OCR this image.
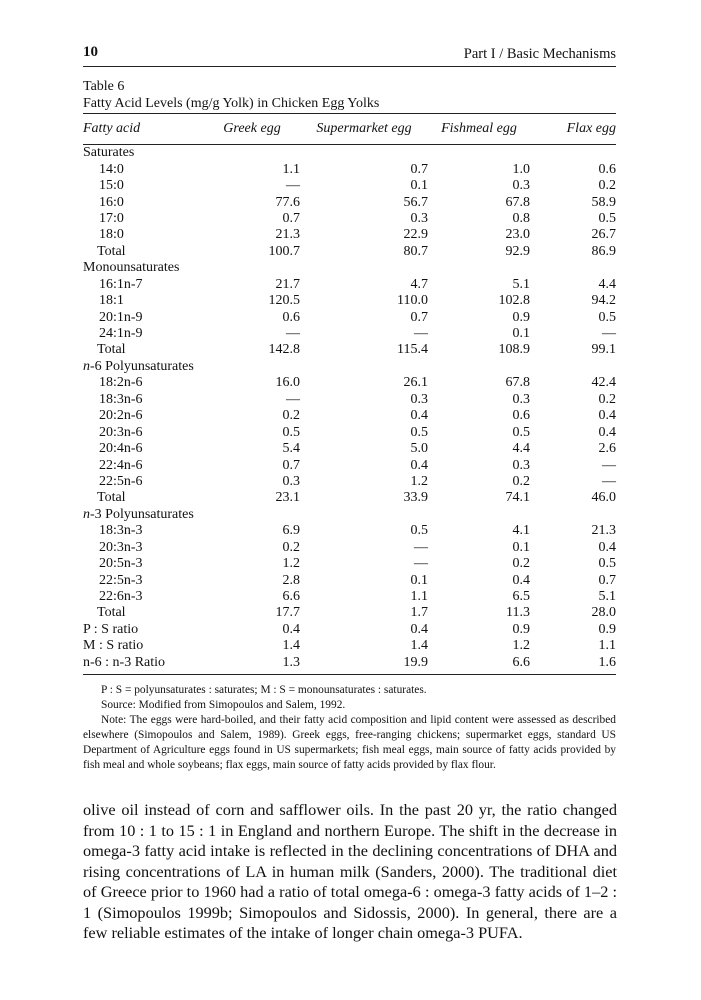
10	Part I / Basic Mechanisms
Table 6
Fatty Acid Levels (mg/g Yolk) in Chicken Egg Yolks
Fatty acid	Greek egg	Supermarket egg	Fishmeal egg	Flax egg
Saturates				
14:0	1.1	0.7	1.0	0.6
15:0	—	0.1	0.3	0.2
16:0	77.6	56.7	67.8	58.9
17:0	0.7	0.3	0.8	0.5
18:0	21.3	22.9	23.0	26.7
Total	100.7	80.7	92.9	86.9
Monounsaturates				
16:1n-7	21.7	4.7	5.1	4.4
18:1	120.5	110.0	102.8	94.2
20:1n-9	0.6	0.7	0.9	0.5
24:1n-9	—	—	0.1	—
Total	142.8	115.4	108.9	99.1
n-6 Polyunsaturates				
18:2n-6	16.0	26.1	67.8	42.4
18:3n-6	—	0.3	0.3	0.2
20:2n-6	0.2	0.4	0.6	0.4
20:3n-6	0.5	0.5	0.5	0.4
20:4n-6	5.4	5.0	4.4	2.6
22:4n-6	0.7	0.4	0.3	—
22:5n-6	0.3	1.2	0.2	—
Total	23.1	33.9	74.1	46.0
n-3 Polyunsaturates				
18:3n-3	6.9	0.5	4.1	21.3
20:3n-3	0.2	—	0.1	0.4
20:5n-3	1.2	—	0.2	0.5
22:5n-3	2.8	0.1	0.4	0.7
22:6n-3	6.6	1.1	6.5	5.1
Total	17.7	1.7	11.3	28.0
P : S ratio	0.4	0.4	0.9	0.9
M : S ratio	1.4	1.4	1.2	1.1
n-6 : n-3 Ratio	1.3	19.9	6.6	1.6

P : S = polyunsaturates : saturates; M : S = monounsaturates : saturates.

Source: Modified from Simopoulos and Salem, 1992.

Note: The eggs were hard-boiled, and their fatty acid composition and lipid content were assessed as described elsewhere (Simopoulos and Salem, 1989). Greek eggs, free-ranging chickens; supermarket eggs, standard US Department of Agriculture eggs found in US supermarkets; fish meal eggs, main source of fatty acids provided by fish meal and whole soybeans; flax eggs, main source of fatty acids provided by flax flour.

olive oil instead of corn and safflower oils. In the past 20 yr, the ratio changed from 10 : 1 to 15 : 1 in England and northern Europe. The shift in the decrease in omega-3 fatty acid intake is reflected in the declining concentrations of DHA and rising concentrations of LA in human milk (Sanders, 2000). The traditional diet of Greece prior to 1960 had a ratio of total omega-6 : omega-3 fatty acids of 1–2 : 1 (Simopoulos 1999b; Simopoulos and Sidossis, 2000). In general, there are a few reliable estimates of the intake of longer chain omega-3 PUFA.
